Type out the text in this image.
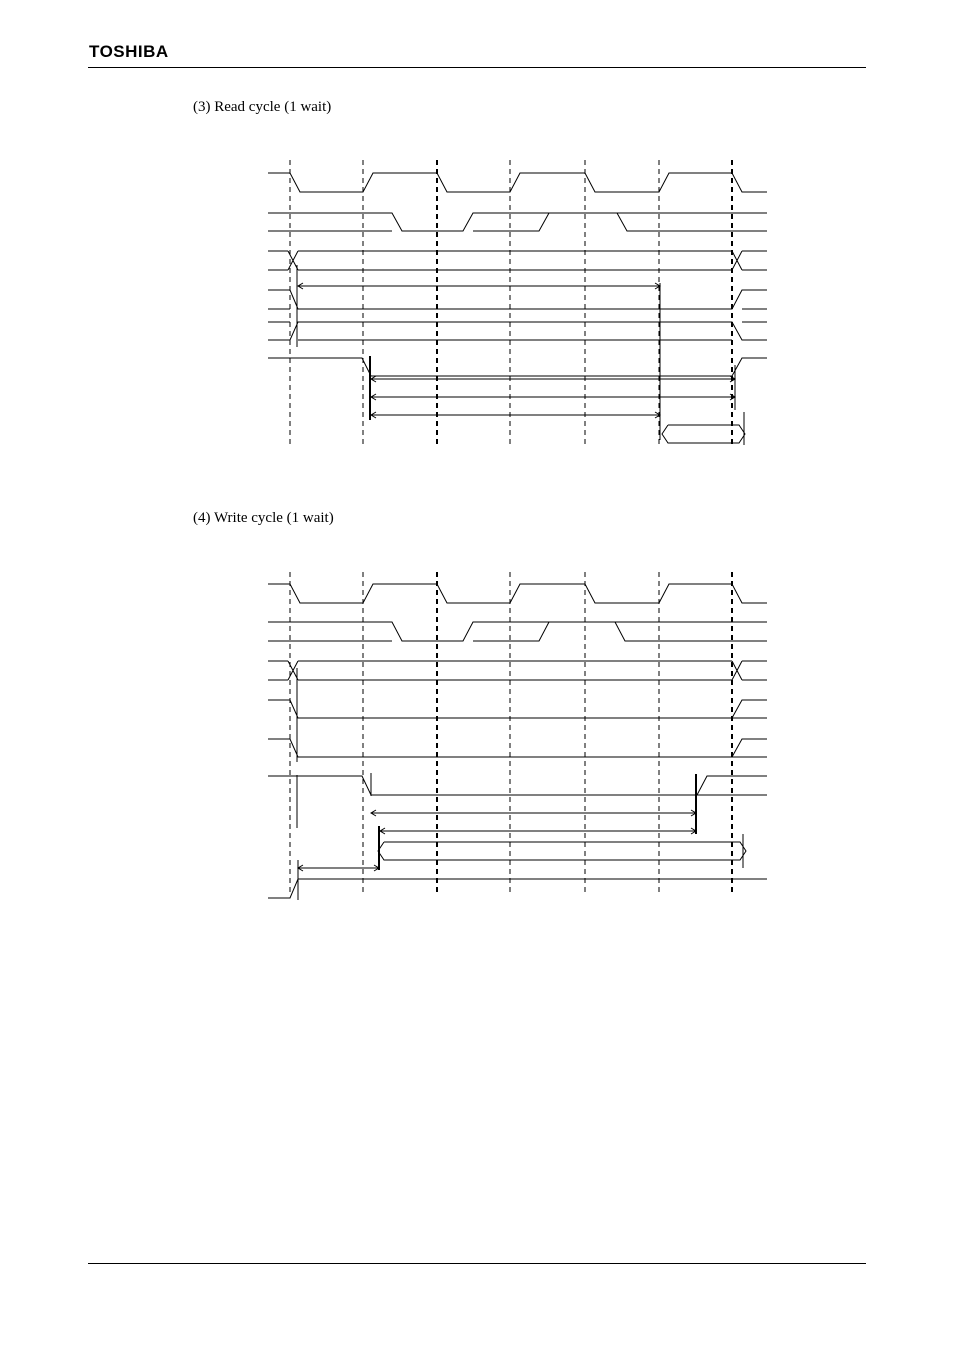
TOSHIBA
(3) Read cycle (1 wait)
(4) Write cycle (1 wait)
